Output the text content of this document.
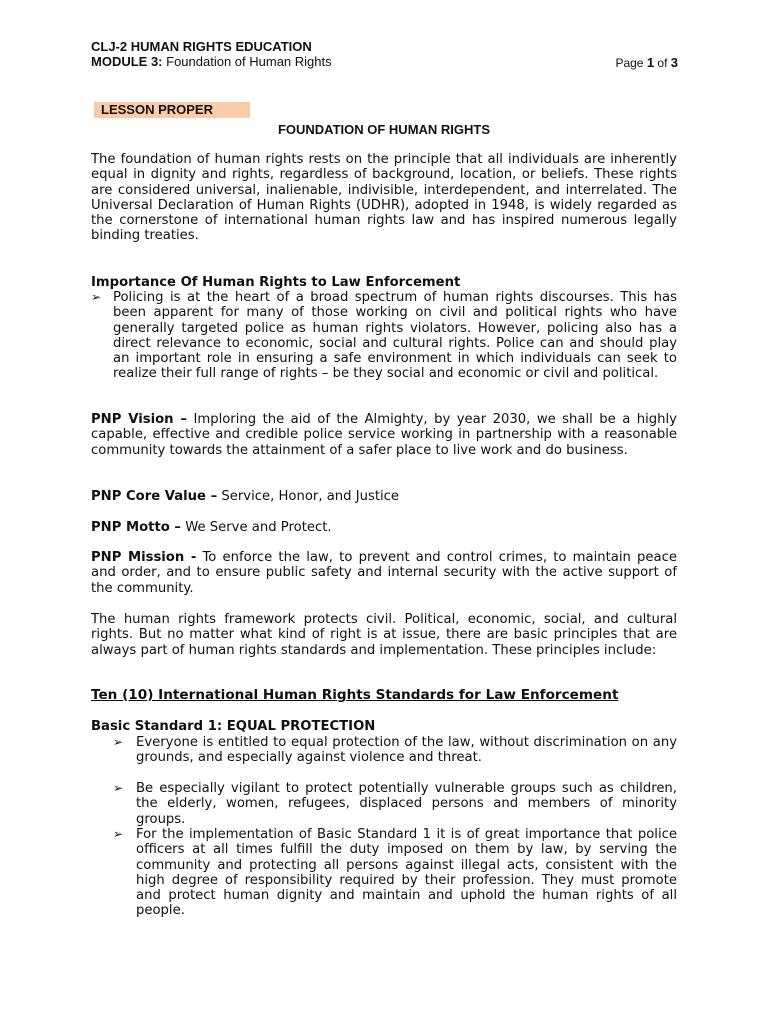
CLJ-2 HUMAN RIGHTS EDUCATION
MODULE 3: Foundation of Human Rights	Page 1 of 3
LESSON PROPER
FOUNDATION OF HUMAN RIGHTS
The foundation of human rights rests on the principle that all individuals are inherently equal in dignity and rights, regardless of background, location, or beliefs. These rights are considered universal, inalienable, indivisible, interdependent, and interrelated. The Universal Declaration of Human Rights (UDHR), adopted in 1948, is widely regarded as the cornerstone of international human rights law and has inspired numerous legally binding treaties.
Importance Of Human Rights to Law Enforcement
➢ Policing is at the heart of a broad spectrum of human rights discourses. This has been apparent for many of those working on civil and political rights who have generally targeted police as human rights violators. However, policing also has a direct relevance to economic, social and cultural rights. Police can and should play an important role in ensuring a safe environment in which individuals can seek to realize their full range of rights – be they social and economic or civil and political.
PNP Vision – Imploring the aid of the Almighty, by year 2030, we shall be a highly capable, effective and credible police service working in partnership with a reasonable community towards the attainment of a safer place to live work and do business.
PNP Core Value – Service, Honor, and Justice
PNP Motto – We Serve and Protect.
PNP Mission - To enforce the law, to prevent and control crimes, to maintain peace and order, and to ensure public safety and internal security with the active support of the community.
The human rights framework protects civil. Political, economic, social, and cultural rights. But no matter what kind of right is at issue, there are basic principles that are always part of human rights standards and implementation. These principles include:
Ten (10) International Human Rights Standards for Law Enforcement
Basic Standard 1: EQUAL PROTECTION
➢ Everyone is entitled to equal protection of the law, without discrimination on any grounds, and especially against violence and threat.
➢ Be especially vigilant to protect potentially vulnerable groups such as children, the elderly, women, refugees, displaced persons and members of minority groups.
➢ For the implementation of Basic Standard 1 it is of great importance that police officers at all times fulfill the duty imposed on them by law, by serving the community and protecting all persons against illegal acts, consistent with the high degree of responsibility required by their profession. They must promote and protect human dignity and maintain and uphold the human rights of all people.
